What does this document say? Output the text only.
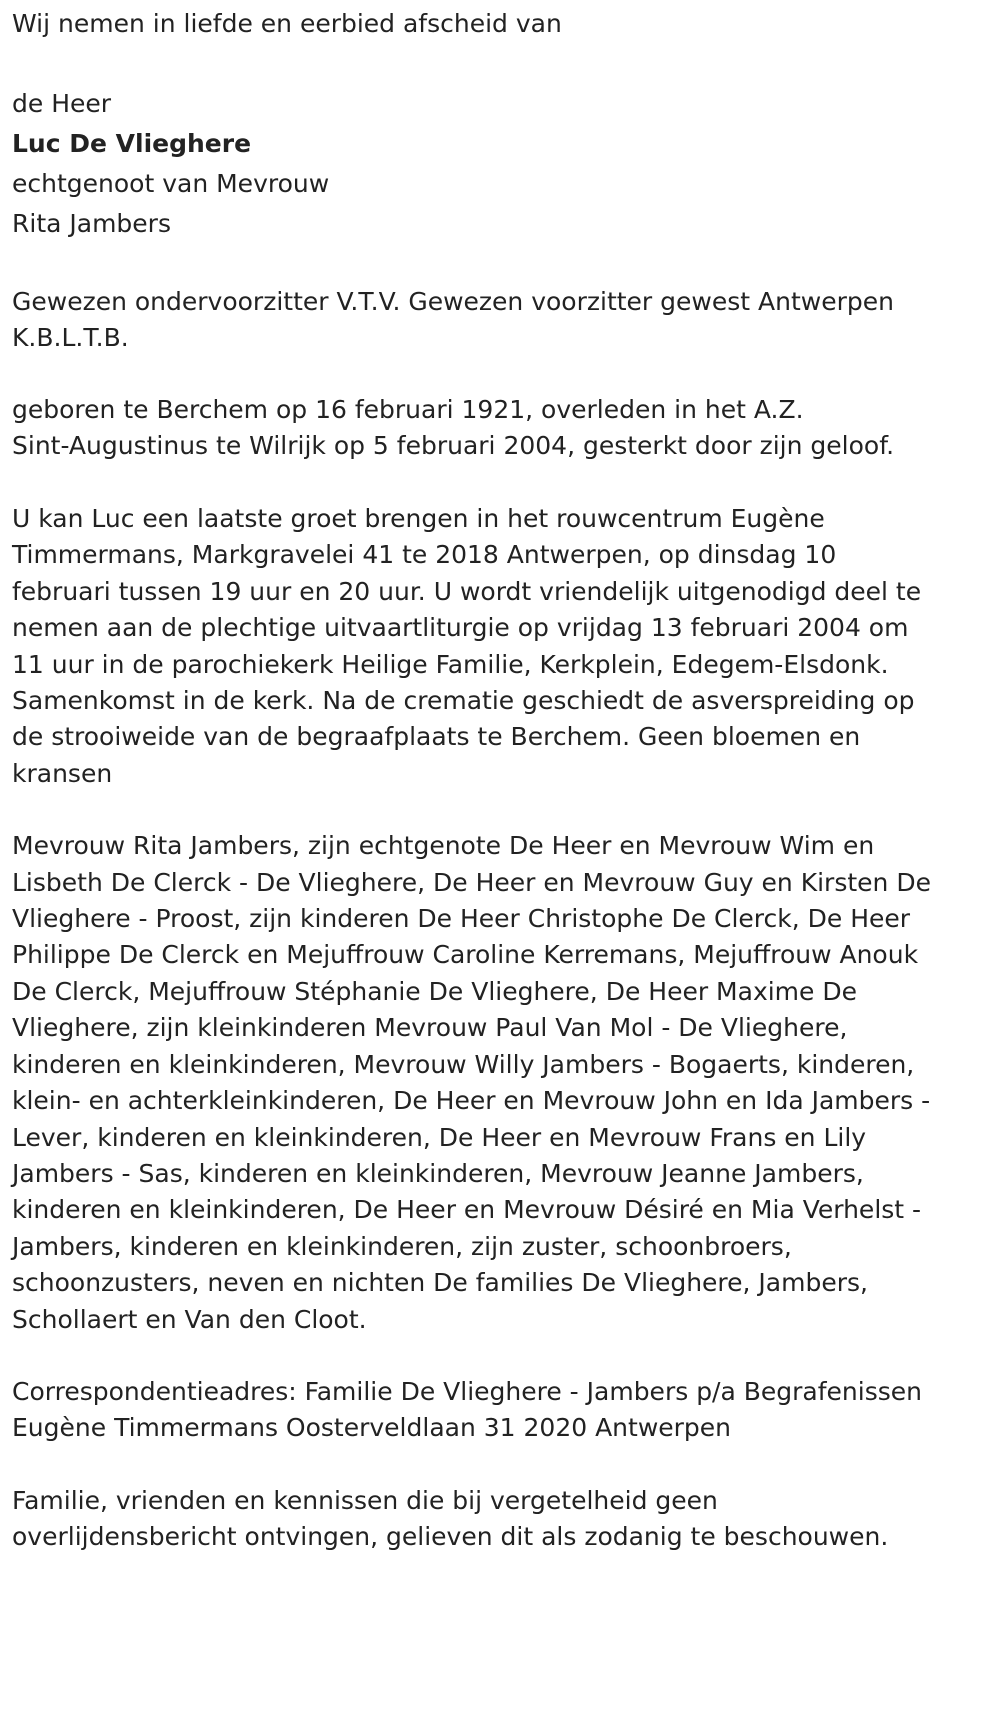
Wij nemen in liefde en eerbied afscheid van
de Heer
Luc De Vlieghere
echtgenoot van Mevrouw
Rita Jambers
Gewezen ondervoorzitter V.T.V. Gewezen voorzitter gewest Antwerpen
K.B.L.T.B.
geboren te Berchem op 16 februari 1921, overleden in het A.Z.
Sint-Augustinus te Wilrijk op 5 februari 2004, gesterkt door zijn geloof.
U kan Luc een laatste groet brengen in het rouwcentrum Eugène
Timmermans, Markgravelei 41 te 2018 Antwerpen, op dinsdag 10
februari tussen 19 uur en 20 uur. U wordt vriendelijk uitgenodigd deel te
nemen aan de plechtige uitvaartliturgie op vrijdag 13 februari 2004 om
11 uur in de parochiekerk Heilige Familie, Kerkplein, Edegem-Elsdonk.
Samenkomst in de kerk. Na de crematie geschiedt de asverspreiding op
de strooiweide van de begraafplaats te Berchem. Geen bloemen en
kransen
Mevrouw Rita Jambers, zijn echtgenote De Heer en Mevrouw Wim en
Lisbeth De Clerck - De Vlieghere, De Heer en Mevrouw Guy en Kirsten De
Vlieghere - Proost, zijn kinderen De Heer Christophe De Clerck, De Heer
Philippe De Clerck en Mejuffrouw Caroline Kerremans, Mejuffrouw Anouk
De Clerck, Mejuffrouw Stéphanie De Vlieghere, De Heer Maxime De
Vlieghere, zijn kleinkinderen Mevrouw Paul Van Mol - De Vlieghere,
kinderen en kleinkinderen, Mevrouw Willy Jambers - Bogaerts, kinderen,
klein- en achterkleinkinderen, De Heer en Mevrouw John en Ida Jambers -
Lever, kinderen en kleinkinderen, De Heer en Mevrouw Frans en Lily
Jambers - Sas, kinderen en kleinkinderen, Mevrouw Jeanne Jambers,
kinderen en kleinkinderen, De Heer en Mevrouw Désiré en Mia Verhelst -
Jambers, kinderen en kleinkinderen, zijn zuster, schoonbroers,
schoonzusters, neven en nichten De families De Vlieghere, Jambers,
Schollaert en Van den Cloot.
Correspondentieadres: Familie De Vlieghere - Jambers p/a Begrafenissen
Eugène Timmermans Oosterveldlaan 31 2020 Antwerpen
Familie, vrienden en kennissen die bij vergetelheid geen
overlijdensbericht ontvingen, gelieven dit als zodanig te beschouwen.
